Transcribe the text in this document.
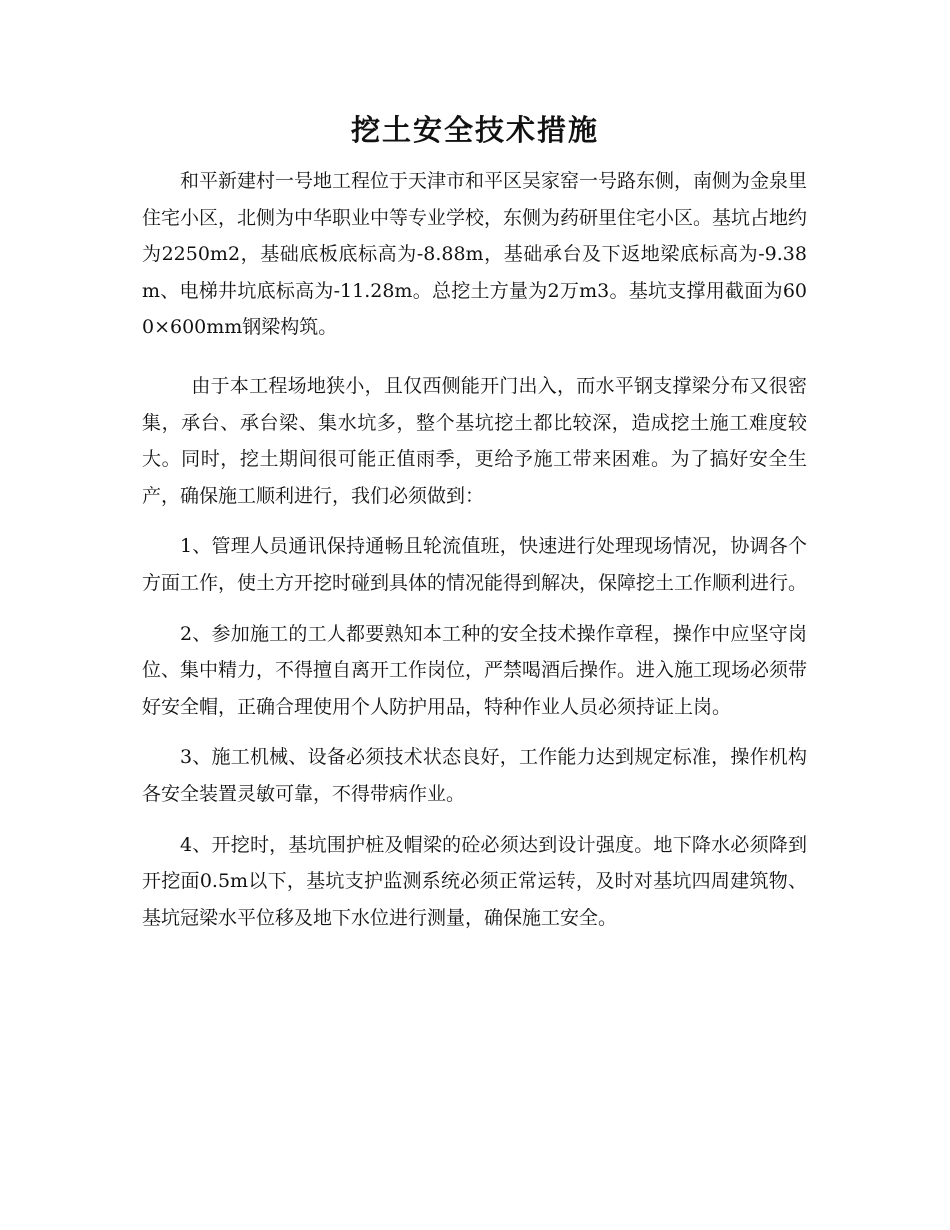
挖土安全技术措施

和平新建村一号地工程位于天津市和平区吴家窑一号路东侧，南侧为金泉里住宅小区，北侧为中华职业中等专业学校，东侧为药研里住宅小区。基坑占地约为2250m2，基础底板底标高为-8.88m，基础承台及下返地梁底标高为-9.38m、电梯井坑底标高为-11.28m。总挖土方量为2万m3。基坑支撑用截面为600×600mm钢梁构筑。

由于本工程场地狭小，且仅西侧能开门出入，而水平钢支撑梁分布又很密集，承台、承台梁、集水坑多，整个基坑挖土都比较深，造成挖土施工难度较大。同时，挖土期间很可能正值雨季，更给予施工带来困难。为了搞好安全生产，确保施工顺利进行，我们必须做到：

1、管理人员通讯保持通畅且轮流值班，快速进行处理现场情况，协调各个方面工作，使土方开挖时碰到具体的情况能得到解决，保障挖土工作顺利进行。

2、参加施工的工人都要熟知本工种的安全技术操作章程，操作中应坚守岗位、集中精力，不得擅自离开工作岗位，严禁喝酒后操作。进入施工现场必须带好安全帽，正确合理使用个人防护用品，特种作业人员必须持证上岗。

3、施工机械、设备必须技术状态良好，工作能力达到规定标准，操作机构各安全装置灵敏可靠，不得带病作业。

4、开挖时，基坑围护桩及帽梁的砼必须达到设计强度。地下降水必须降到开挖面0.5m以下，基坑支护监测系统必须正常运转，及时对基坑四周建筑物、基坑冠梁水平位移及地下水位进行测量，确保施工安全。
